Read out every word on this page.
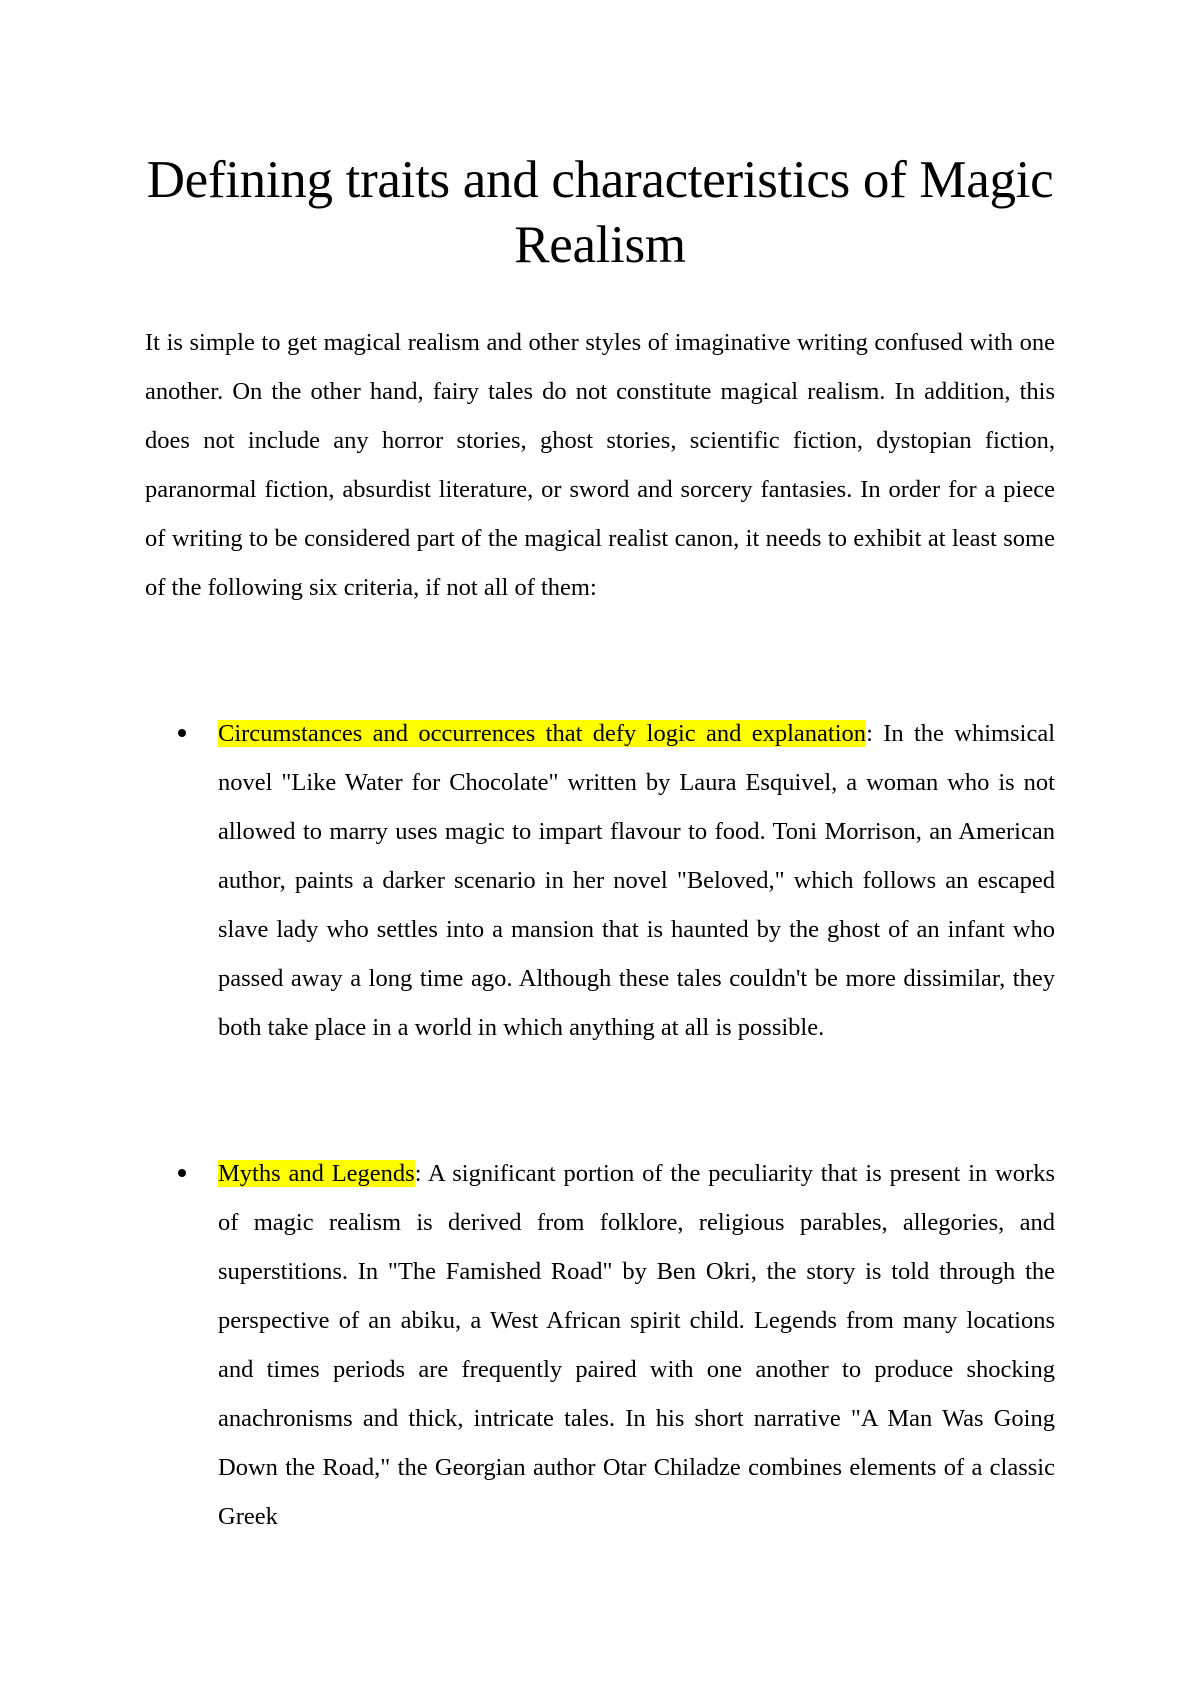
Defining traits and characteristics of Magic Realism

It is simple to get magical realism and other styles of imaginative writing confused with one another. On the other hand, fairy tales do not constitute magical realism. In addition, this does not include any horror stories, ghost stories, scientific fiction, dystopian fiction, paranormal fiction, absurdist literature, or sword and sorcery fantasies. In order for a piece of writing to be considered part of the magical realist canon, it needs to exhibit at least some of the following six criteria, if not all of them:

Circumstances and occurrences that defy logic and explanation: In the whimsical novel "Like Water for Chocolate" written by Laura Esquivel, a woman who is not allowed to marry uses magic to impart flavour to food. Toni Morrison, an American author, paints a darker scenario in her novel "Beloved," which follows an escaped slave lady who settles into a mansion that is haunted by the ghost of an infant who passed away a long time ago. Although these tales couldn't be more dissimilar, they both take place in a world in which anything at all is possible.

Myths and Legends: A significant portion of the peculiarity that is present in works of magic realism is derived from folklore, religious parables, allegories, and superstitions. In "The Famished Road" by Ben Okri, the story is told through the perspective of an abiku, a West African spirit child. Legends from many locations and times periods are frequently paired with one another to produce shocking anachronisms and thick, intricate tales. In his short narrative "A Man Was Going Down the Road," the Georgian author Otar Chiladze combines elements of a classic Greek
